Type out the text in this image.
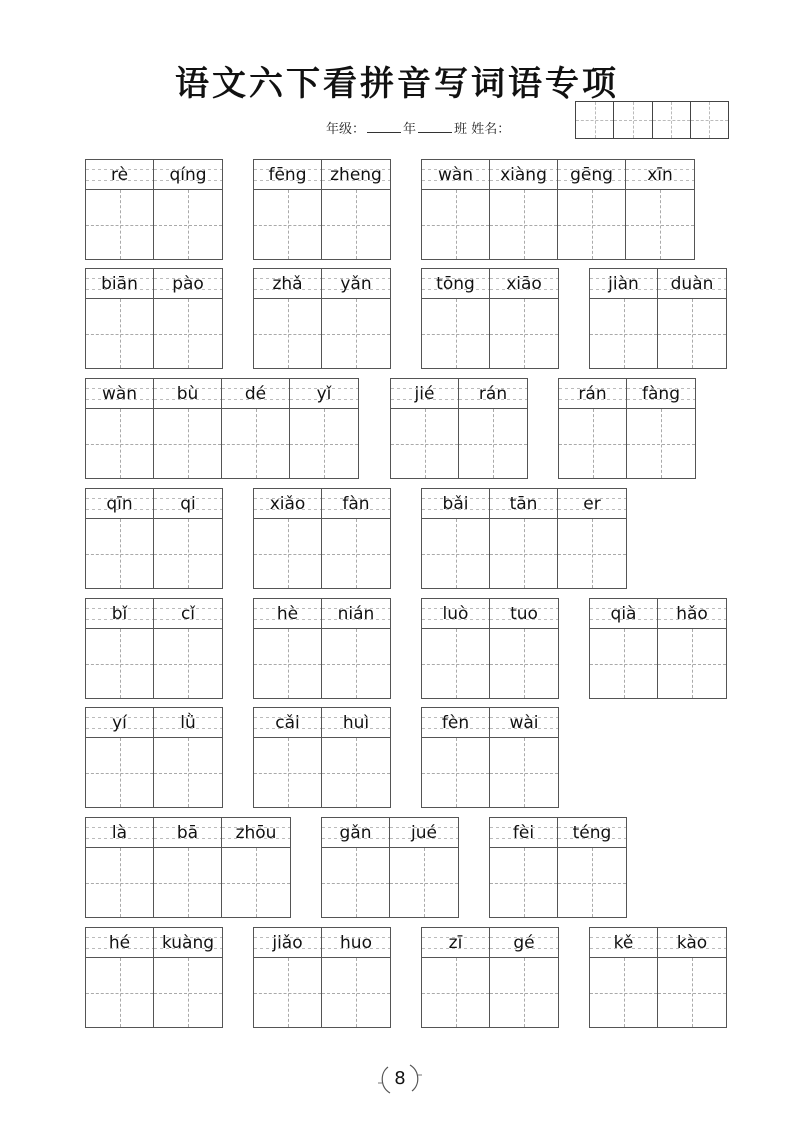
语文六下看拼音写词语专项
年级：	年	班 姓名：
rè	qíng	fēng	zheng	wàn	xiàng	gēng	xīn
biān	pào	zhǎ	yǎn	tōng	xiāo	jiàn	duàn
wàn	bù	dé	yǐ	jié	rán	rán	fàng
qīn	qi	xiǎo	fàn	bǎi	tān	er
bǐ	cǐ	hè	nián	luò	tuo	qià	hǎo
yí	lǜ	cǎi	huì	fèn	wài
là	bā	zhōu	gǎn	jué	fèi	téng
hé	kuàng	jiǎo	huo	zī	gé	kě	kào
8
